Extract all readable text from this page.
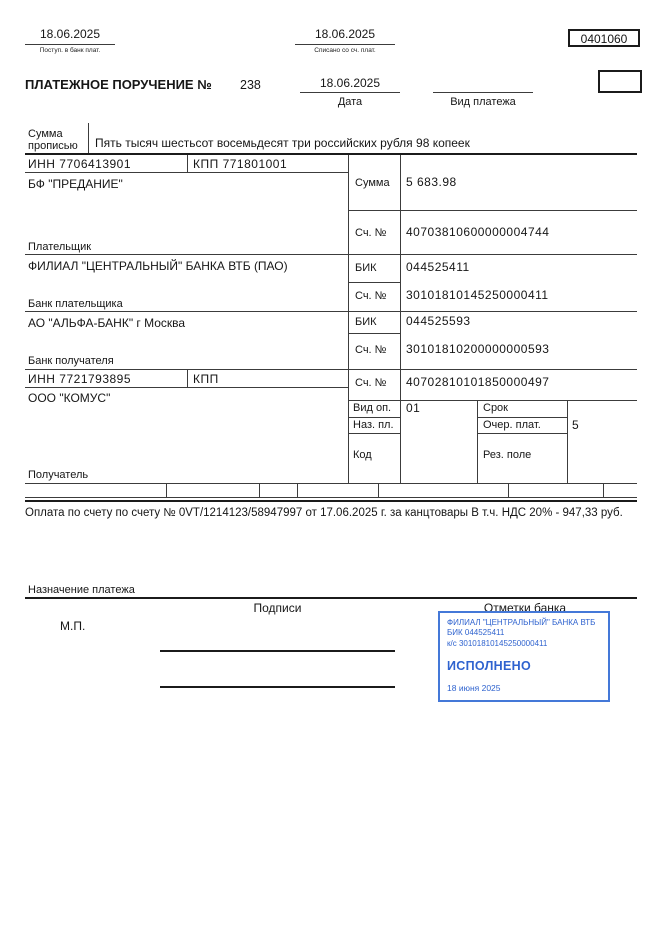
18.06.2025
Поступ. в банк плат.
18.06.2025
Списано со сч. плат.
0401060
ПЛАТЕЖНОЕ ПОРУЧЕНИЕ № 238	18.06.2025
Дата	Вид платежа
Сумма прописью	Пять тысяч шестьсот восемьдесят три российских рубля 98 копеек
ИНН 7706413901	КПП 771801001
БФ "ПРЕДАНИЕ"
Плательщик
ФИЛИАЛ "ЦЕНТРАЛЬНЫЙ" БАНКА ВТБ (ПАО)
Банк плательщика
АО "АЛЬФА-БАНК" г Москва
Банк получателя
ИНН 7721793895	КПП
ООО "КОМУС"
Получатель
Сумма 5 683.98
Сч. № 40703810600000004744
БИК 044525411
Сч. № 30101810145250000411
БИК 044525593
Сч. № 30101810200000000593
Сч. № 40702810101850000497
Вид оп. 01	Срок
Наз. пл.	Очер. плат.	5
Код	Рез. поле
Оплата по счету по счету № 0VT/1214123/58947997 от 17.06.2025 г. за канцтовары В т.ч. НДС 20% - 947,33 руб.
Назначение платежа
Подписи	Отметки банка
М.П.	ФИЛИАЛ "ЦЕНТРАЛЬНЫЙ" БАНКА ВТБ
БИК 044525411
к/с 30101810145250000411
ИСПОЛНЕНО
18 июня 2025
